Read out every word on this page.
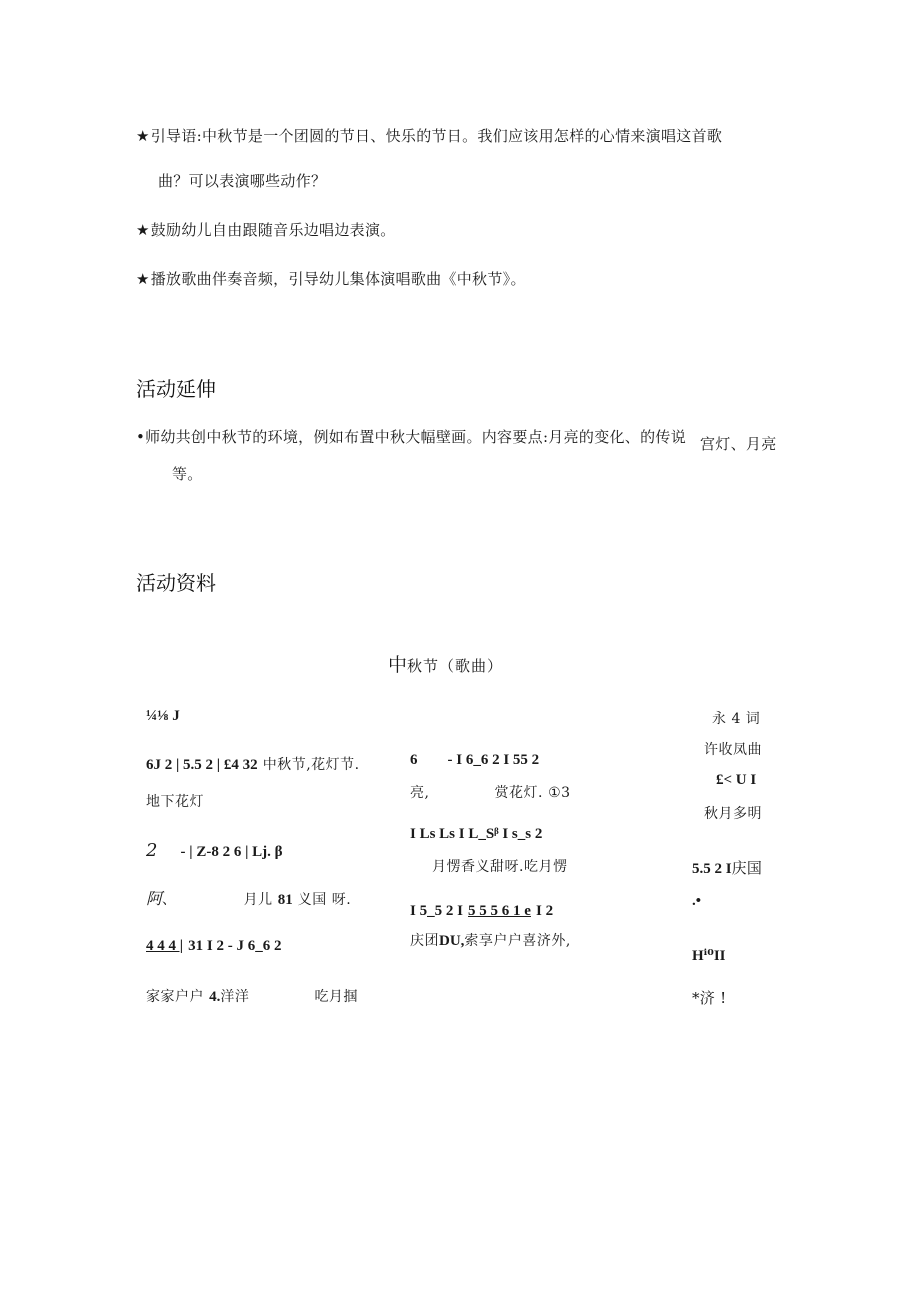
★引导语:中秋节是一个团圆的节日、快乐的节日。我们应该用怎样的心情来演唱这首歌
曲？可以表演哪些动作？
★鼓励幼儿自由跟随音乐边唱边表演。
★播放歌曲伴奏音频，引导幼儿集体演唱歌曲《中秋节》。
活动延伸
•师幼共创中秋节的环境，例如布置中秋大幅壁画。内容要点:月亮的变化、的传说 宫灯、月亮
等。
活动资料
中秋节（歌曲）
¼⅛ J
6J 2 | 5.5 2 | £4 32 中秋节,花灯节.
地下花灯
2 - | Z-8 2 6 | Lj. β
阿、	月儿 81 义国 呀.
4 4 4 | 31 I 2 - J 6_6 2
家家户户 4.洋洋	吃月掴
6        - I 6_6 2 I 55 2
亮,	赏花灯. ①3
I Ls Ls I L_Sᵝ I s_s 2
月愣香义甜呀.吃月愣
I 5_5 2 I 5 5 5 6 1 e I 2
庆团DU,索享户户喜济外,
永 4 词
许收凤曲
£< U I
秋月多明
5.5 2 I庆国
.•
Hⁱ⁰II
*济 !
